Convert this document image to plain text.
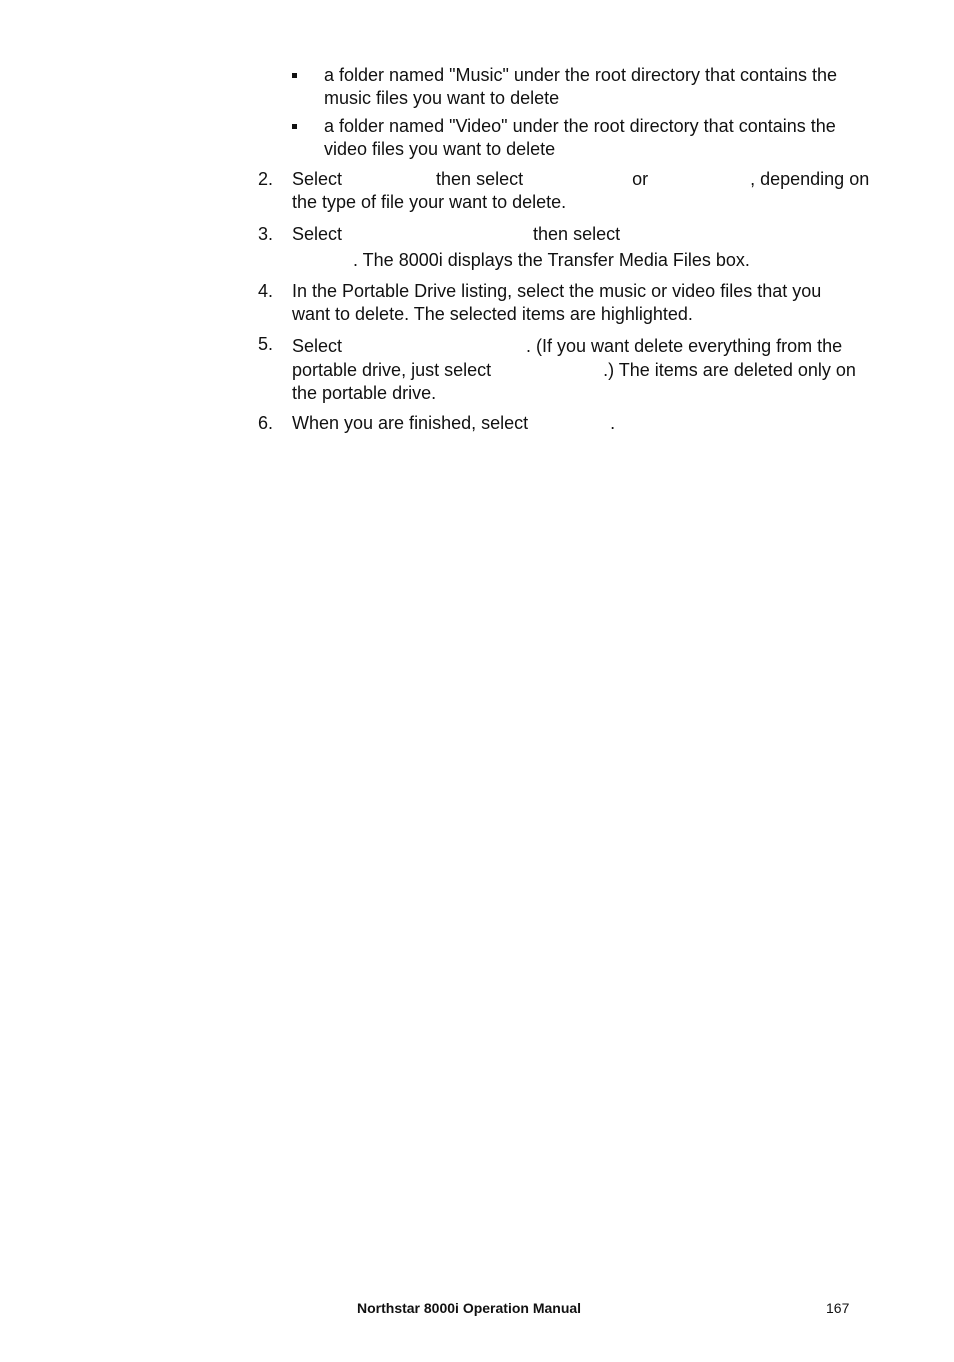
a folder named "Music" under the root directory that contains the
music files you want to delete
a folder named "Video" under the root directory that contains the
video files you want to delete
2. Select	then select	or	, depending on
the type of file your want to delete.
3. Select	then select
. The 8000i displays the Transfer Media Files box.
4. In the Portable Drive listing, select the music or video files that you
want to delete. The selected items are highlighted.
5. Select	. (If you want delete everything from the
portable drive, just select	.) The items are deleted only on
the portable drive.
6. When you are finished, select	.
Northstar 8000i Operation Manual	167
